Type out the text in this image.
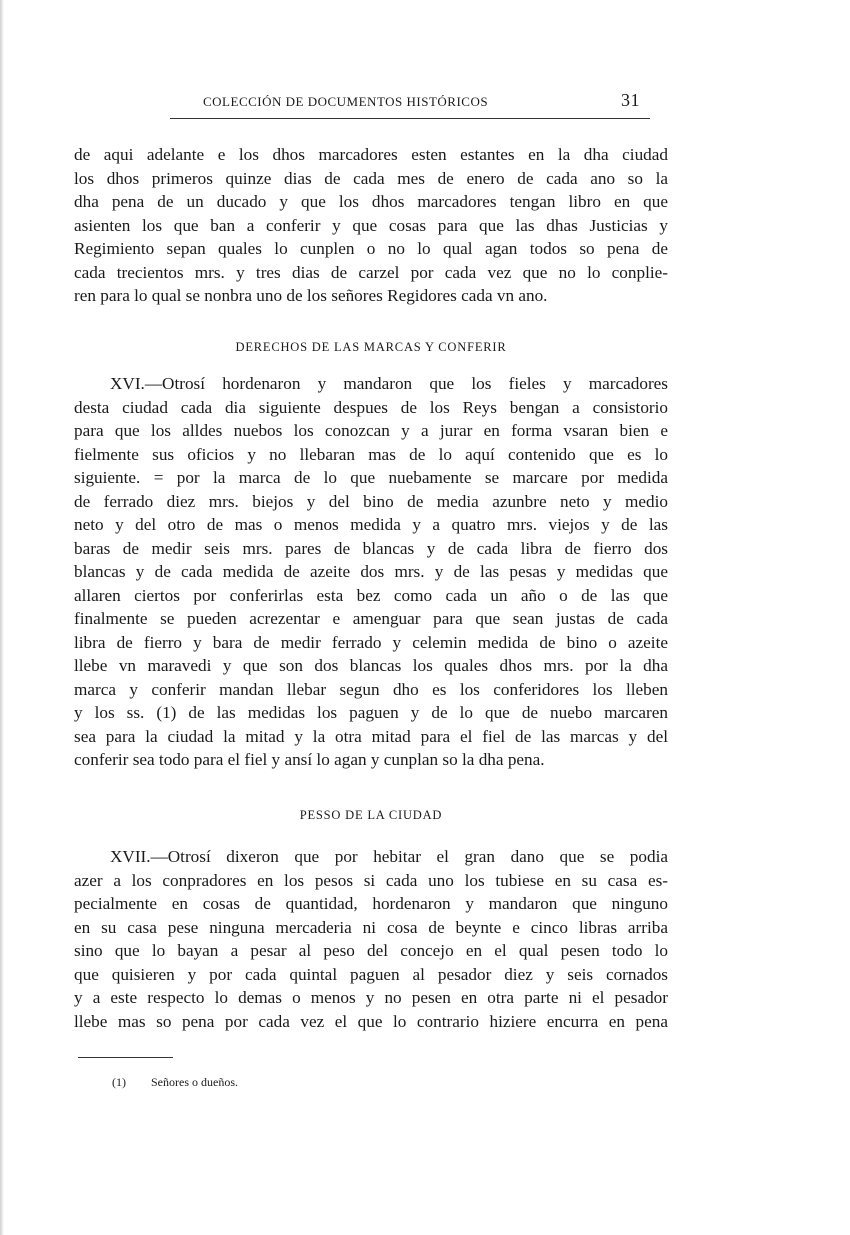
COLECCIÓN DE DOCUMENTOS HISTÓRICOS	31
de aqui adelante e los dhos marcadores esten estantes en la dha ciudad
los dhos primeros quinze dias de cada mes de enero de cada ano so la
dha pena de un ducado y que los dhos marcadores tengan libro en que
asienten los que ban a conferir y que cosas para que las dhas Justicias y
Regimiento sepan quales lo cunplen o no lo qual agan todos so pena de
cada trecientos mrs. y tres dias de carzel por cada vez que no lo conplie-
ren para lo qual se nonbra uno de los señores Regidores cada vn ano.
DERECHOS DE LAS MARCAS Y CONFERIR
XVI.—Otrosí hordenaron y mandaron que los fieles y marcadores
desta ciudad cada dia siguiente despues de los Reys bengan a consistorio
para que los alldes nuebos los conozcan y a jurar en forma vsaran bien e
fielmente sus oficios y no llebaran mas de lo aquí contenido que es lo
siguiente. = por la marca de lo que nuebamente se marcare por medida
de ferrado diez mrs. biejos y del bino de media azunbre neto y medio
neto y del otro de mas o menos medida y a quatro mrs. viejos y de las
baras de medir seis mrs. pares de blancas y de cada libra de fierro dos
blancas y de cada medida de azeite dos mrs. y de las pesas y medidas que
allaren ciertos por conferirlas esta bez como cada un año o de las que
finalmente se pueden acrezentar e amenguar para que sean justas de cada
libra de fierro y bara de medir ferrado y celemin medida de bino o azeite
llebe vn maravedi y que son dos blancas los quales dhos mrs. por la dha
marca y conferir mandan llebar segun dho es los conferidores los lleben
y los ss. (1) de las medidas los paguen y de lo que de nuebo marcaren
sea para la ciudad la mitad y la otra mitad para el fiel de las marcas y del
conferir sea todo para el fiel y ansí lo agan y cunplan so la dha pena.
PESSO DE LA CIUDAD
XVII.—Otrosí dixeron que por hebitar el gran dano que se podia
azer a los conpradores en los pesos si cada uno los tubiese en su casa es-
pecialmente en cosas de quantidad, hordenaron y mandaron que ninguno
en su casa pese ninguna mercaderia ni cosa de beynte e cinco libras arriba
sino que lo bayan a pesar al peso del concejo en el qual pesen todo lo
que quisieren y por cada quintal paguen al pesador diez y seis cornados
y a este respecto lo demas o menos y no pesen en otra parte ni el pesador
llebe mas so pena por cada vez el que lo contrario hiziere encurra en pena
(1) Señores o dueños.
